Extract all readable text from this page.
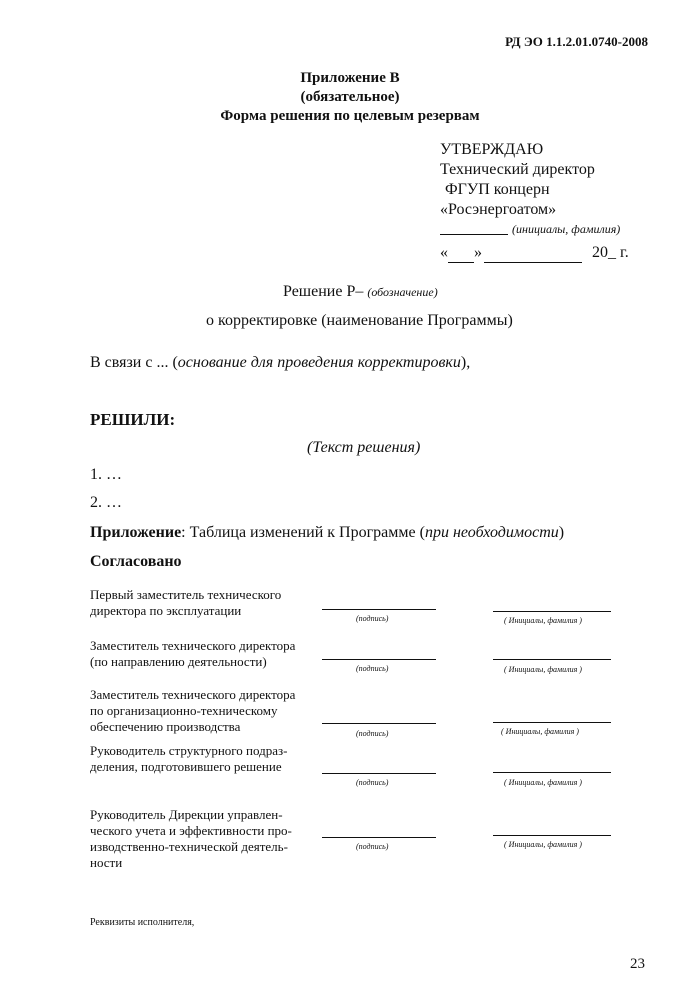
РД ЭО 1.1.2.01.0740-2008
Приложение В
(обязательное)
Форма решения по целевым резервам
УТВЕРЖДАЮ
Технический директор
ФГУП концерн
«Росэнергоатом»
(инициалы, фамилия)
« »	20_ г.
Решение Р– (обозначение)
о корректировке (наименование Программы)
В связи с ... (основание для проведения корректировки),
РЕШИЛИ:
(Текст решения)
1. …
2. …
Приложение: Таблица изменений к Программе (при необходимости)
Согласовано
Первый заместитель технического
директора по эксплуатации
(подпись)	( Инициалы, фамилия )
Заместитель технического директора
(по направлению деятельности)	(подпись)	( Инициалы, фамилия )
Заместитель технического директора
по организационно-техническому
обеспечению производства	(подпись)	( Инициалы, фамилия )
Руководитель структурного подраз-
деления, подготовившего решение
(подпись)	( Инициалы, фамилия )
Руководитель Дирекции управлен-
ческого учета и эффективности про-
изводственно-технической деятель-
ности
(подпись)	( Инициалы, фамилия )
Реквизиты исполнителя,
23
